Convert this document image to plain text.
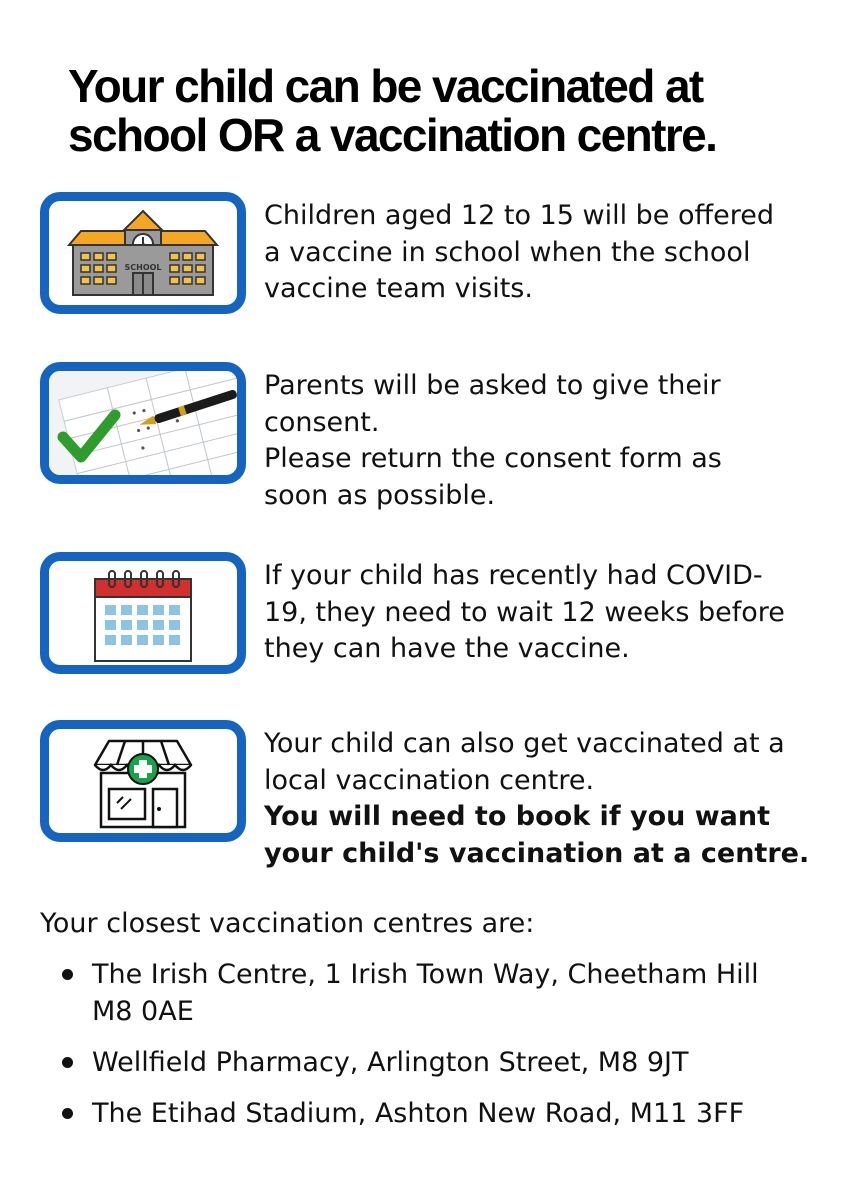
Your child can be vaccinated at
school OR a vaccination centre.
SCHOOL

Children aged 12 to 15 will be offered
a vaccine in school when the school
vaccine team visits.

Parents will be asked to give their
consent.
Please return the consent form as
soon as possible.

If your child has recently had COVID-
19, they need to wait 12 weeks before
they can have the vaccine.

Your child can also get vaccinated at a
local vaccination centre.
You will need to book if you want
your child's vaccination at a centre.

Your closest vaccination centres are:

The Irish Centre, 1 Irish Town Way, Cheetham Hill
M8 0AE
Wellfield Pharmacy, Arlington Street, M8 9JT
The Etihad Stadium, Ashton New Road, M11 3FF
